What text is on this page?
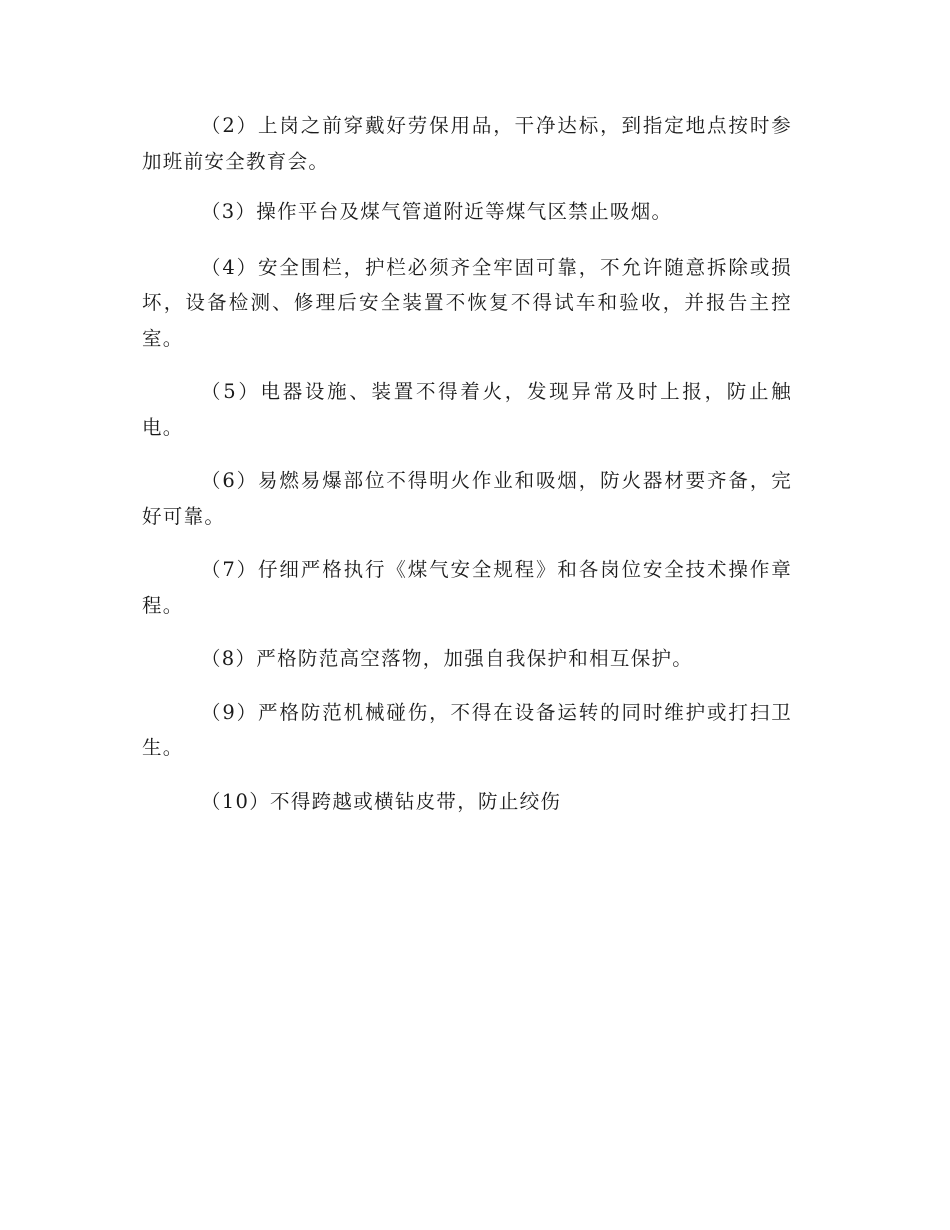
（2）上岗之前穿戴好劳保用品，干净达标，到指定地点按时参加班前安全教育会。

（3）操作平台及煤气管道附近等煤气区禁止吸烟。

（4）安全围栏，护栏必须齐全牢固可靠，不允许随意拆除或损坏，设备检测、修理后安全装置不恢复不得试车和验收，并报告主控室。

（5）电器设施、装置不得着火，发现异常及时上报，防止触电。

（6）易燃易爆部位不得明火作业和吸烟，防火器材要齐备，完好可靠。

（7）仔细严格执行《煤气安全规程》和各岗位安全技术操作章程。

（8）严格防范高空落物，加强自我保护和相互保护。

（9）严格防范机械碰伤，不得在设备运转的同时维护或打扫卫生。

（10）不得跨越或横钻皮带，防止绞伤
